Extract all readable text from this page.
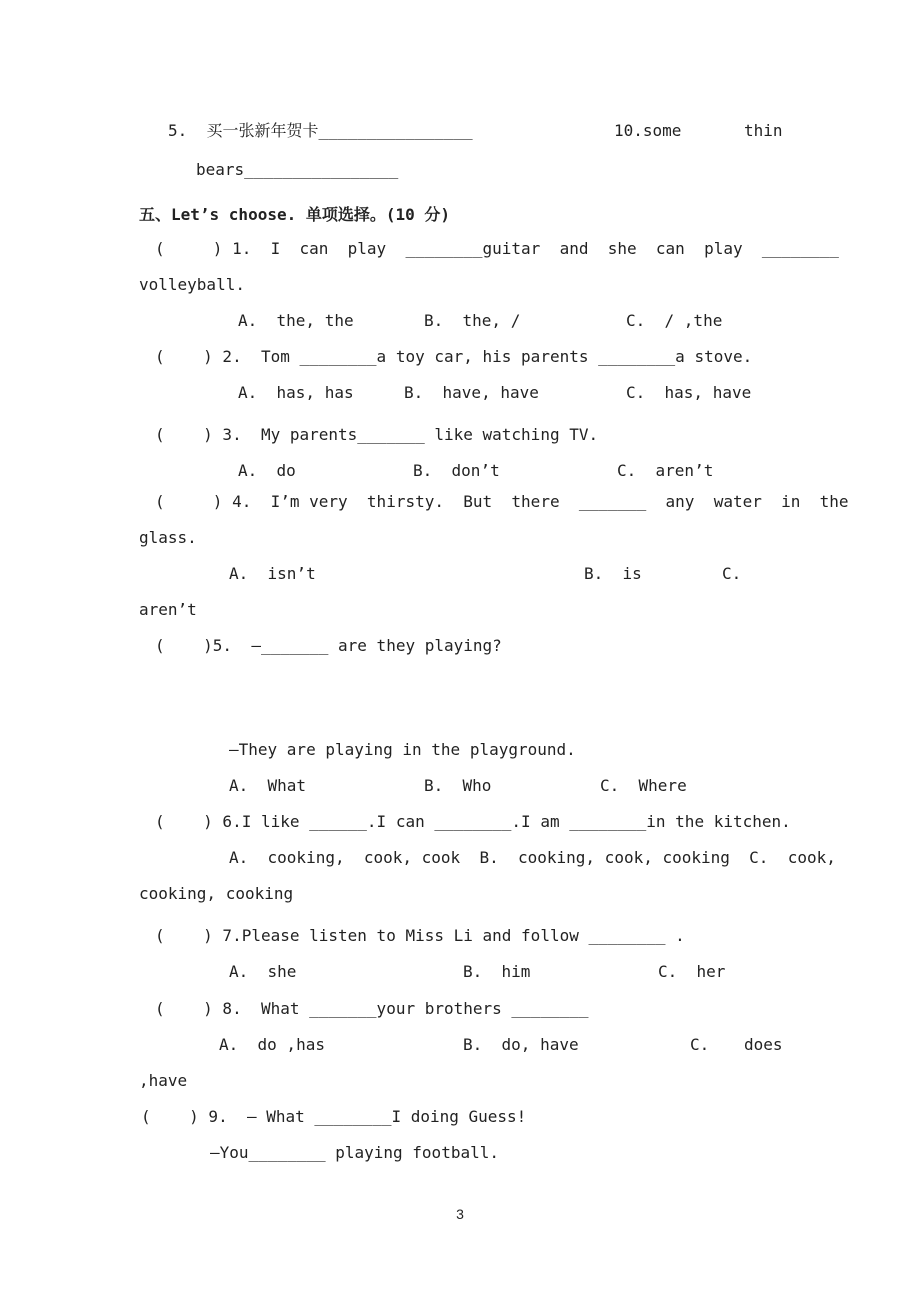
5.  买一张新年贺卡________________	10.some	thin
bears________________
五、Let’s choose. 单项选择。(10 分)
(     ) 1.  I  can  play  ________guitar  and  she  can  play  ________
volleyball.
A.  the, the	B.  the, /	C.  / ,the
(    ) 2.  Tom ________a toy car, his parents ________a stove.
A.  has, has	B.  have, have	C.  has, have
(    ) 3.  My parents_______ like watching TV.
A.  do	B.  don’t	C.  aren’t
(     ) 4.  I’m very  thirsty.  But  there  _______  any  water  in  the
glass.
A.  isn’t	B.  is	C.
aren’t
(    )5.  —_______ are they playing?
—They are playing in the playground.
A.  What	B.  Who	C.  Where
(    ) 6.I like ______.I can ________.I am ________in the kitchen.
A.  cooking,  cook, cook  B.  cooking, cook, cooking  C.  cook,
cooking, cooking
(    ) 7.Please listen to Miss Li and follow ________ .
A.  she	B.  him	C.  her
(    ) 8.  What _______your brothers ________
A.  do ,has	B.  do, have	C. does
,have
(    ) 9.  — What ________I doing Guess!
—You________ playing football.
3
